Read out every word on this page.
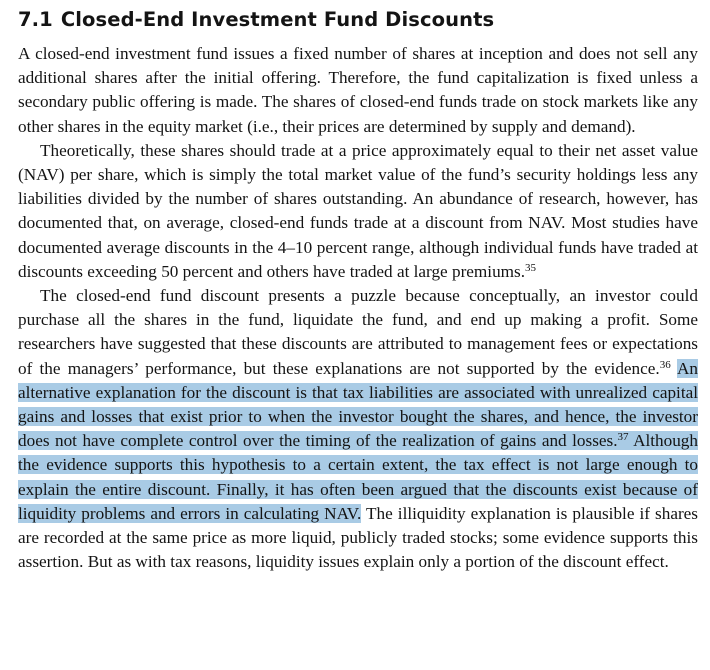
7.1 Closed-End Investment Fund Discounts

A closed-end investment fund issues a fixed number of shares at inception and does not sell any additional shares after the initial offering. Therefore, the fund capitalization is fixed unless a secondary public offering is made. The shares of closed-end funds trade on stock markets like any other shares in the equity market (i.e., their prices are determined by supply and demand).

Theoretically, these shares should trade at a price approximately equal to their net asset value (NAV) per share, which is simply the total market value of the fund’s security holdings less any liabilities divided by the number of shares outstanding. An abundance of research, however, has documented that, on average, closed-end funds trade at a discount from NAV. Most studies have documented average discounts in the 4–10 percent range, although individual funds have traded at discounts exceeding 50 percent and others have traded at large premiums.$^{35}$

The closed-end fund discount presents a puzzle because conceptually, an investor could purchase all the shares in the fund, liquidate the fund, and end up making a profit. Some researchers have suggested that these discounts are attributed to management fees or expectations of the managers’ performance, but these explanations are not supported by the evidence.$^{36}$ An alternative explanation for the discount is that tax liabilities are associated with unrealized capital gains and losses that exist prior to when the investor bought the shares, and hence, the investor does not have complete control over the timing of the realization of gains and losses.$^{37}$ Although the evidence supports this hypothesis to a certain extent, the tax effect is not large enough to explain the entire discount. Finally, it has often been argued that the discounts exist because of liquidity problems and errors in calculating NAV. The illiquidity explanation is plausible if shares are recorded at the same price as more liquid, publicly traded stocks; some evidence supports this assertion. But as with tax reasons, liquidity issues explain only a portion of the discount effect.
